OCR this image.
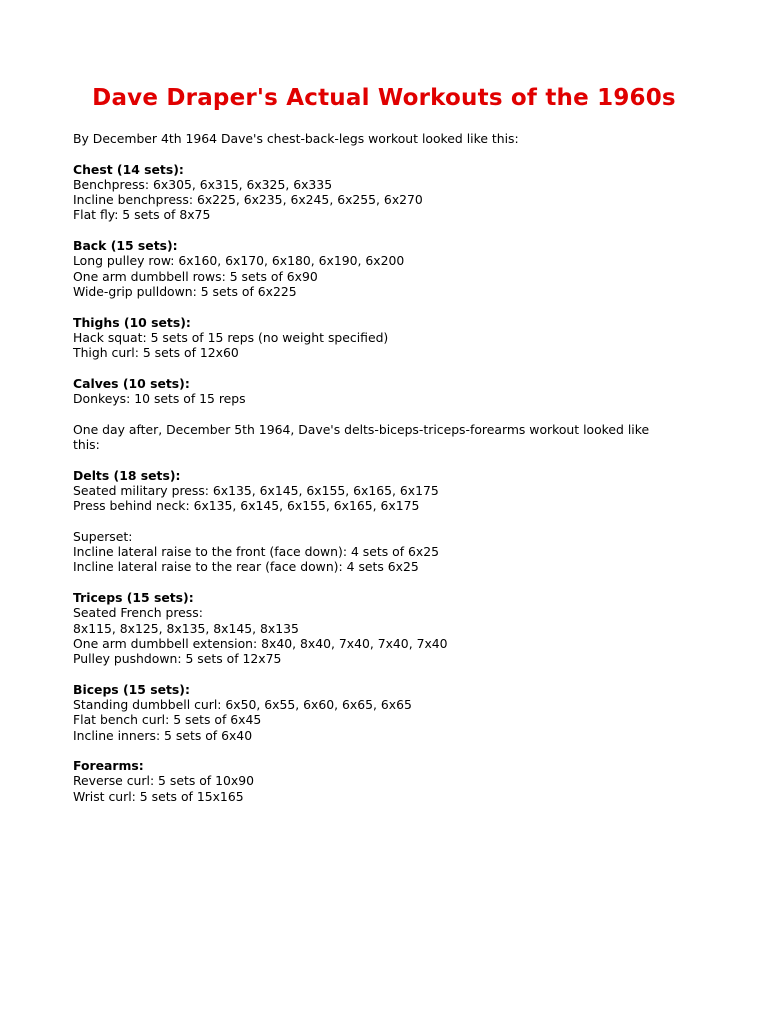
Dave Draper's Actual Workouts of the 1960s
By December 4th 1964 Dave's chest-back-legs workout looked like this:
Chest (14 sets):
Benchpress: 6x305, 6x315, 6x325, 6x335
Incline benchpress: 6x225, 6x235, 6x245, 6x255, 6x270
Flat fly: 5 sets of 8x75
Back (15 sets):
Long pulley row: 6x160, 6x170, 6x180, 6x190, 6x200
One arm dumbbell rows: 5 sets of 6x90
Wide-grip pulldown: 5 sets of 6x225
Thighs (10 sets):
Hack squat: 5 sets of 15 reps (no weight specified)
Thigh curl: 5 sets of 12x60
Calves (10 sets):
Donkeys: 10 sets of 15 reps
One day after, December 5th 1964, Dave's delts-biceps-triceps-forearms workout looked like
this:
Delts (18 sets):
Seated military press: 6x135, 6x145, 6x155, 6x165, 6x175
Press behind neck: 6x135, 6x145, 6x155, 6x165, 6x175
Superset:
Incline lateral raise to the front (face down): 4 sets of 6x25
Incline lateral raise to the rear (face down): 4 sets 6x25
Triceps (15 sets):
Seated French press:
8x115, 8x125, 8x135, 8x145, 8x135
One arm dumbbell extension: 8x40, 8x40, 7x40, 7x40, 7x40
Pulley pushdown: 5 sets of 12x75
Biceps (15 sets):
Standing dumbbell curl: 6x50, 6x55, 6x60, 6x65, 6x65
Flat bench curl: 5 sets of 6x45
Incline inners: 5 sets of 6x40
Forearms:
Reverse curl: 5 sets of 10x90
Wrist curl: 5 sets of 15x165
